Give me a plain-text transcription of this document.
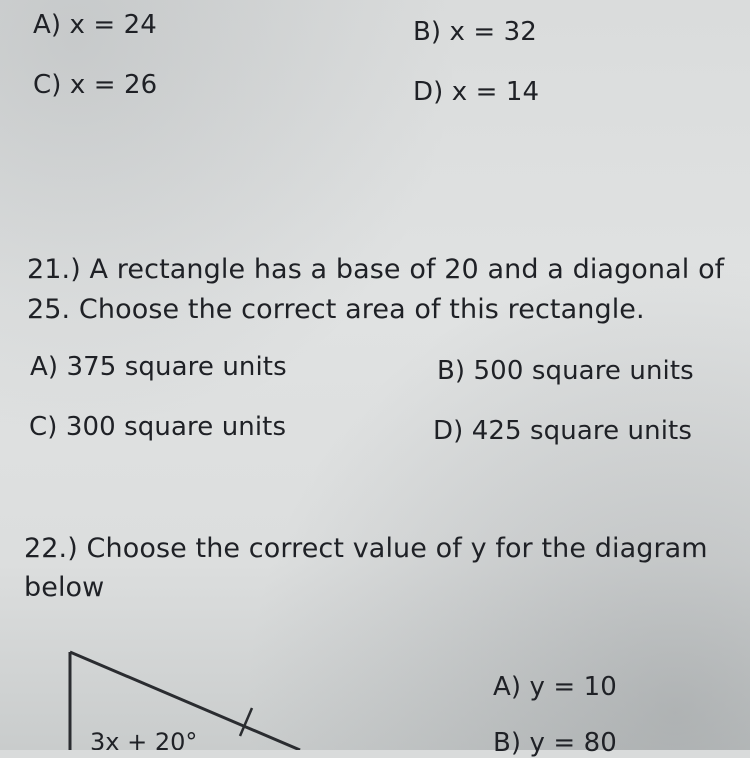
A) x = 24	B) x = 32
C) x = 26	D) x = 14
21.) A rectangle has a base of 20 and a diagonal of
25. Choose the correct area of this rectangle.
A) 375 square units	B) 500 square units
C) 300 square units	D) 425 square units
22.) Choose the correct value of y for the diagram
below
A) y = 10
B) y = 80
3x + 20°
